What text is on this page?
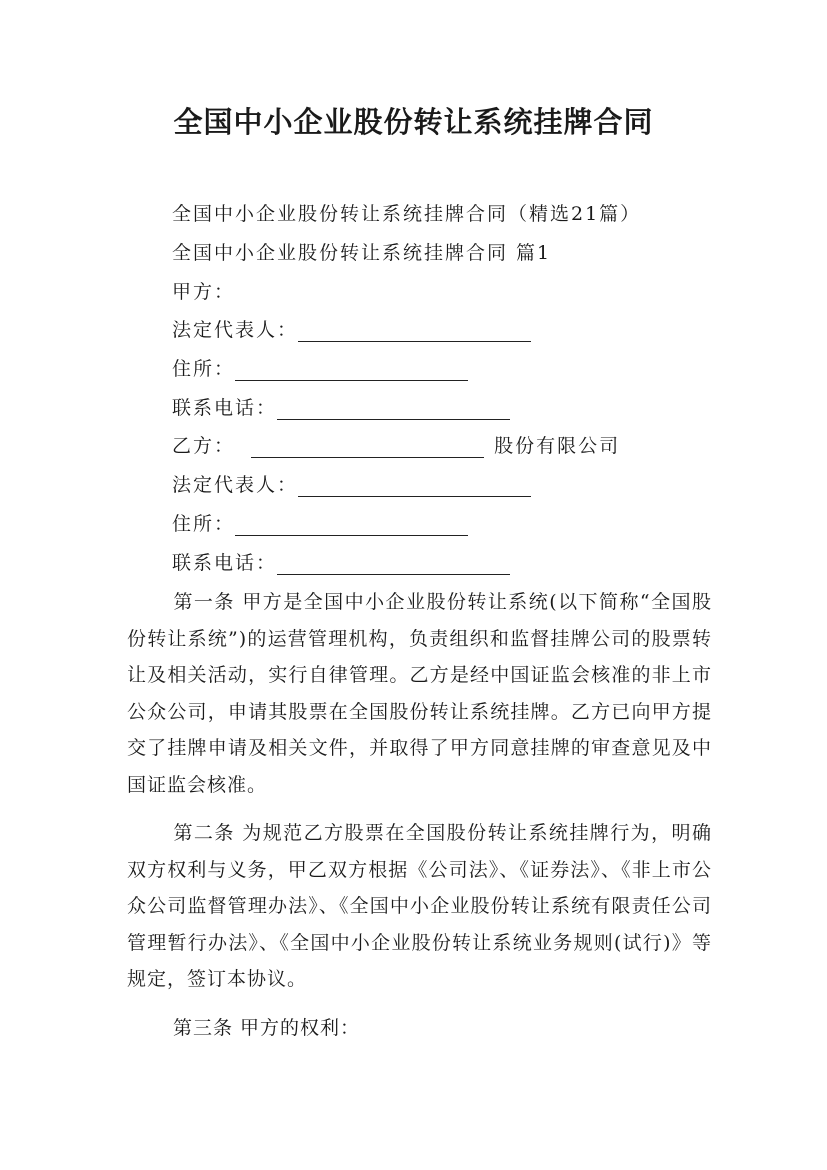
全国中小企业股份转让系统挂牌合同
全国中小企业股份转让系统挂牌合同（精选21篇）
全国中小企业股份转让系统挂牌合同 篇1
甲方：
法定代表人：
住所：
联系电话：
乙方：	股份有限公司
法定代表人：
住所：
联系电话：
第一条 甲方是全国中小企业股份转让系统(以下简称“全国股份转让系统”)的运营管理机构，负责组织和监督挂牌公司的股票转让及相关活动，实行自律管理。乙方是经中国证监会核准的非上市公众公司，申请其股票在全国股份转让系统挂牌。乙方已向甲方提交了挂牌申请及相关文件，并取得了甲方同意挂牌的审查意见及中国证监会核准。
第二条 为规范乙方股票在全国股份转让系统挂牌行为，明确双方权利与义务，甲乙双方根据《公司法》、《证券法》、《非上市公众公司监督管理办法》、《全国中小企业股份转让系统有限责任公司管理暂行办法》、《全国中小企业股份转让系统业务规则(试行)》等规定，签订本协议。
第三条 甲方的权利：
